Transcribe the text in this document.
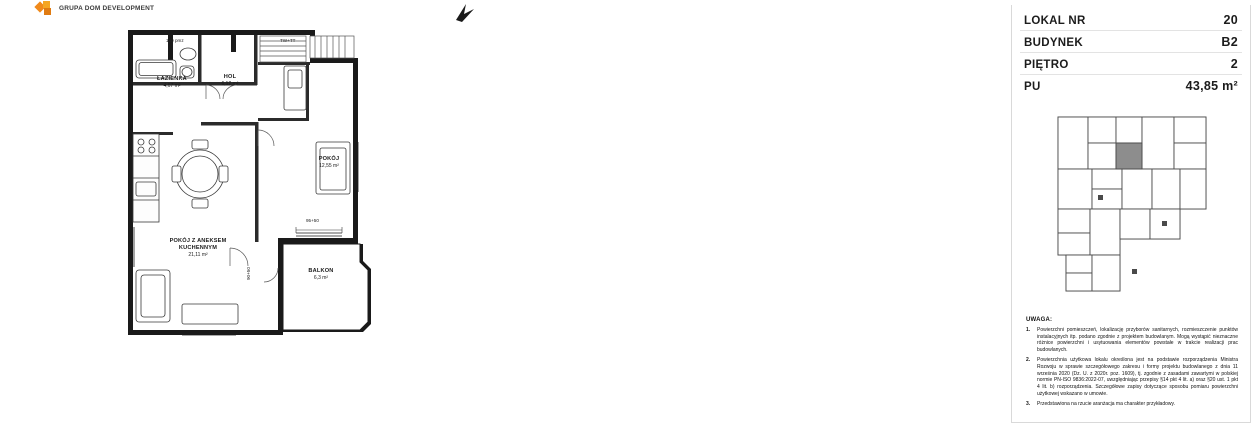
GRUPA DOM DEVELOPMENT
ŁAZIENKA
4,67 m²
HOL
6,12 m²
POKÓJ
12,55 m²
POKÓJ Z ANEKSEM KUCHENNYM
21,11 m²
BALKON
6,3 m²
180 pmz	TW+TT
95+50
90+50
LOKAL NR	20
BUDYNEK	B2
PIĘTRO	2
PU	43,85 m²
UWAGA:
1.	Powierzchni pomieszczeń, lokalizację przyborów sanitarnych, rozmieszczenie punktów instalacyjnych itp. podano zgodnie z projektem budowlanym. Mogą wystąpić nieznaczne różnice powierzchni i usytuowania elementów powstałe w trakcie realizacji prac budowlanych.
2.	Powierzchnia użytkowa lokalu określona jest na podstawie rozporządzenia Ministra Rozwoju w sprawie szczegółowego zakresu i formy projektu budowlanego z dnia 11 września 2020 (Dz. U. z 2020r. poz. 1609), tj. zgodnie z zasadami zawartymi w polskiej normie PN-ISO 9836:2022-07, uwzględniając przepisy §14 pkt 4 lit. a) oraz §20 ust. 1 pkt 4 lit. b) rozporządzenia. Szczegółowe zapisy dotyczące sposobu pomiaru powierzchni użytkowej wskazano w umowie.
3.	Przedstawiona na rzucie aranżacja ma charakter przykładowy.
